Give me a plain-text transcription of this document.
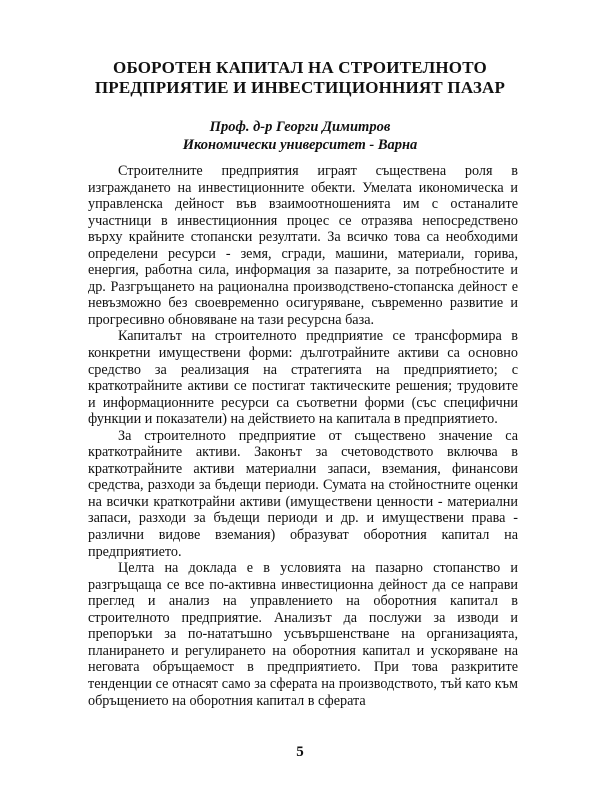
ОБОРОТЕН КАПИТАЛ НА СТРОИТЕЛНОТО
ПРЕДПРИЯТИЕ И ИНВЕСТИЦИОННИЯТ ПАЗАР
Проф. д-р Георги Димитров
Икономически университет - Варна

Строителните предприятия играят съществена роля в изграждането на инвестиционните обекти. Умелата икономическа и управленска дейност във взаимоотношенията им с останалите участници в инвестиционния процес се отразява непосредствено върху крайните стопански резултати. За всичко това са необходими определени ресурси - земя, сгради, машини, материали, горива, енергия, работна сила, информация за пазарите, за потребностите и др. Разгръщането на рационална производствено-стопанска дейност е невъзможно без своевременно осигуряване, съвременно развитие и прогресивно обновяване на тази ресурсна база.

Капиталът на строителното предприятие се трансформира в конкретни имуществени форми: дълготрайните активи са основно средство за реализация на стратегията на предприятието; с краткотрайните активи се постигат тактическите решения; трудовите и информационните ресурси са съответни форми (със специфични функции и показатели) на действието на капитала в предприятието.

За строителното предприятие от съществено значение са краткотрайните активи. Законът за счетоводството включва в краткотрайните активи материални запаси, вземания, финансови средства, разходи за бъдещи периоди. Сумата на стойностните оценки на всички краткотрайни активи (имуществени ценности - материални запаси, разходи за бъдещи периоди и др. и имуществени права - различни видове вземания) образуват оборотния капитал на предприятието.

Целта на доклада е в условията на пазарно стопанство и разгръщаща се все по-активна инвестиционна дейност да се направи преглед и анализ на управлението на оборотния капитал в строителното предприятие. Анализът да послужи за изводи и препоръки за по-нататъшно усъвършенстване на организацията, планирането и регулирането на оборотния капитал и ускоряване на неговата обръщаемост в предприятието. При това разкритите тенденции се отнасят само за сферата на производството, тъй като към обръщението на оборотния капитал в сферата

5
